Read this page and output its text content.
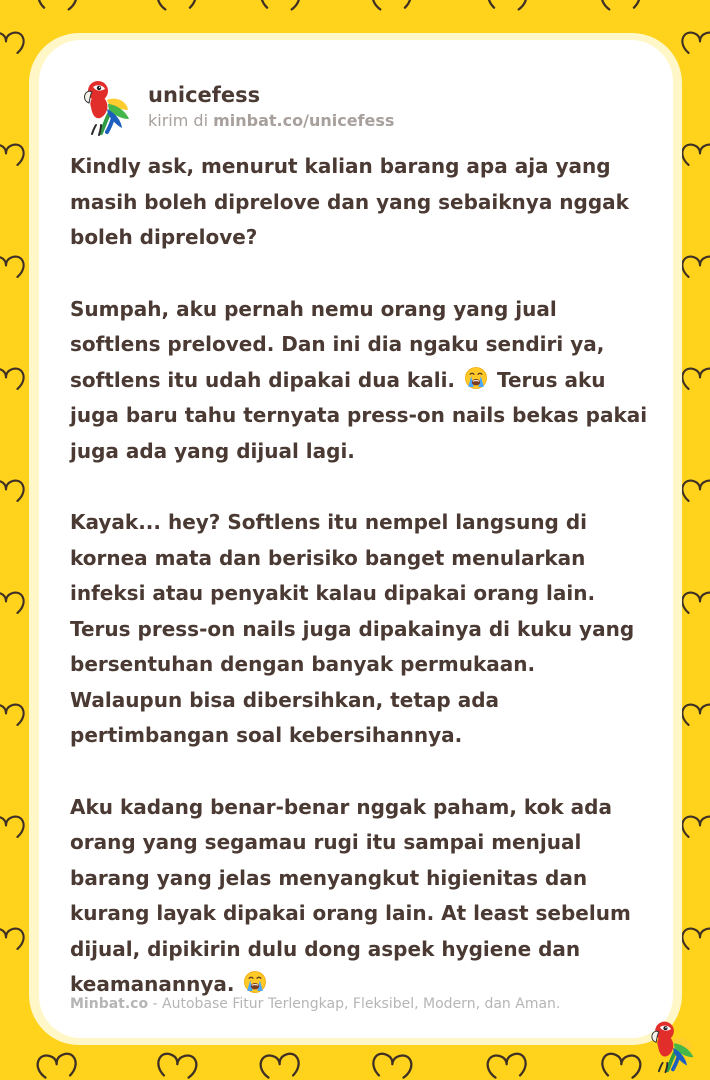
unicefess
kirim di minbat.co/unicefess

Kindly ask, menurut kalian barang apa aja yang masih boleh diprelove dan yang sebaiknya nggak boleh diprelove?

Sumpah, aku pernah nemu orang yang jual softlens preloved. Dan ini dia ngaku sendiri ya, softlens itu udah dipakai dua kali. Terus aku juga baru tahu ternyata press-on nails bekas pakai juga ada yang dijual lagi.

Kayak... hey? Softlens itu nempel langsung di kornea mata dan berisiko banget menularkan infeksi atau penyakit kalau dipakai orang lain. Terus press-on nails juga dipakainya di kuku yang bersentuhan dengan banyak permukaan. Walaupun bisa dibersihkan, tetap ada pertimbangan soal kebersihannya.

Aku kadang benar-benar nggak paham, kok ada orang yang segamau rugi itu sampai menjual barang yang jelas menyangkut higienitas dan kurang layak dipakai orang lain. At least sebelum dijual, dipikirin dulu dong aspek hygiene dan keamanannya.

Minbat.co - Autobase Fitur Terlengkap, Fleksibel, Modern, dan Aman.
